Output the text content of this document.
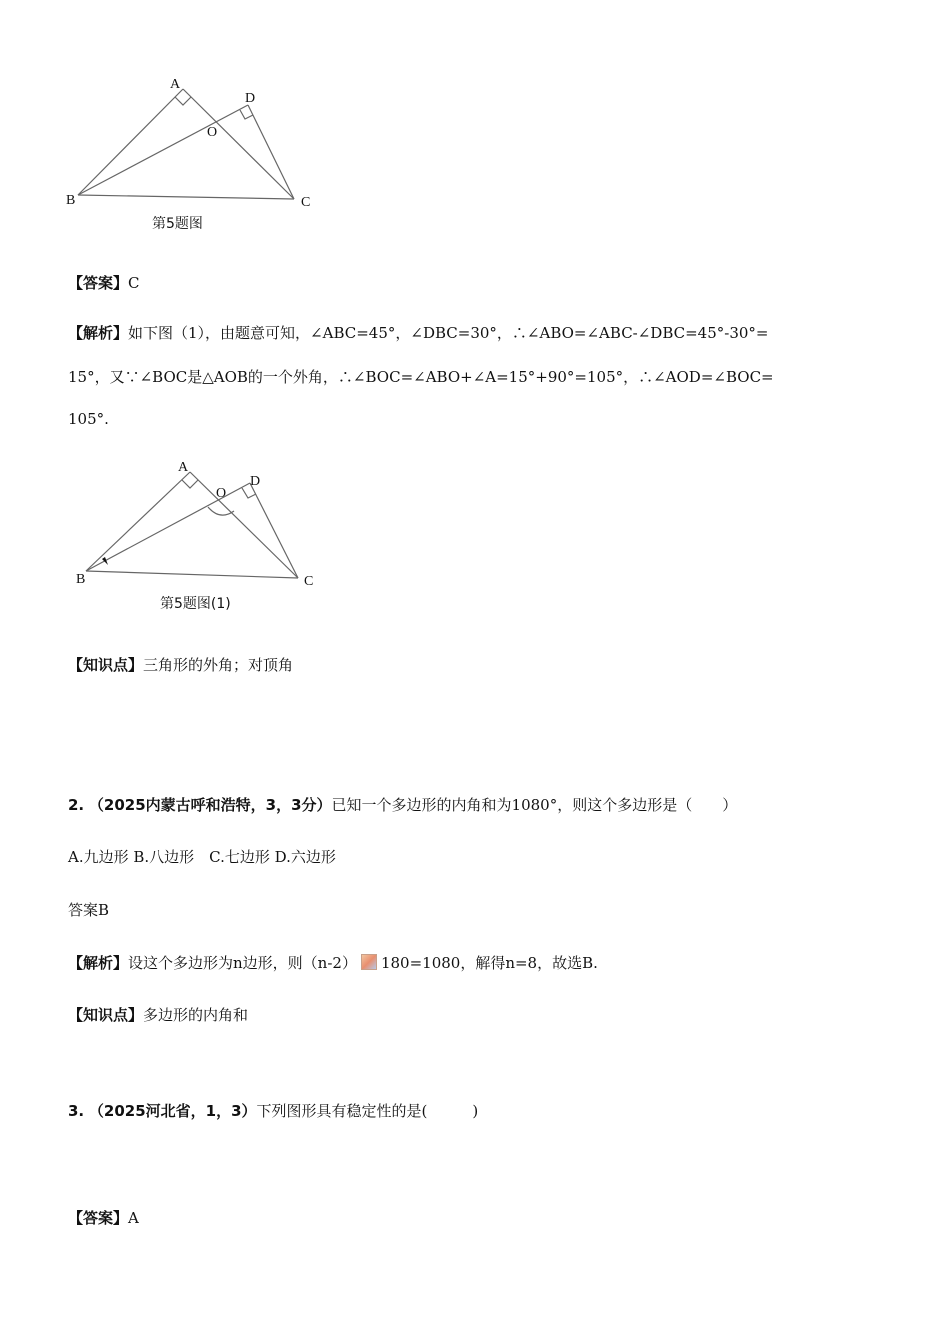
A
D
O
B	C
第5题图
【答案】C
【解析】如下图（1），由题意可知，∠ABC=45°，∠DBC=30°，∴∠ABO=∠ABC-∠DBC=45°-30°=
15°，又∵∠BOC是△AOB的一个外角，∴∠BOC=∠ABO+∠A=15°+90°=105°，∴∠AOD=∠BOC=
105°.
A
D
O
B	C
第5题图(1)
【知识点】三角形的外角；对顶角
2. （2025内蒙古呼和浩特，3，3分）已知一个多边形的内角和为1080°，则这个多边形是（　　）
A.九边形 B.八边形　C.七边形 D.六边形
答案B
【解析】设这个多边形为n边形，则（n-2） 180=1080，解得n=8，故选B.
【知识点】多边形的内角和
3. （2025河北省，1，3）下列图形具有稳定性的是(　　　)
【答案】A
